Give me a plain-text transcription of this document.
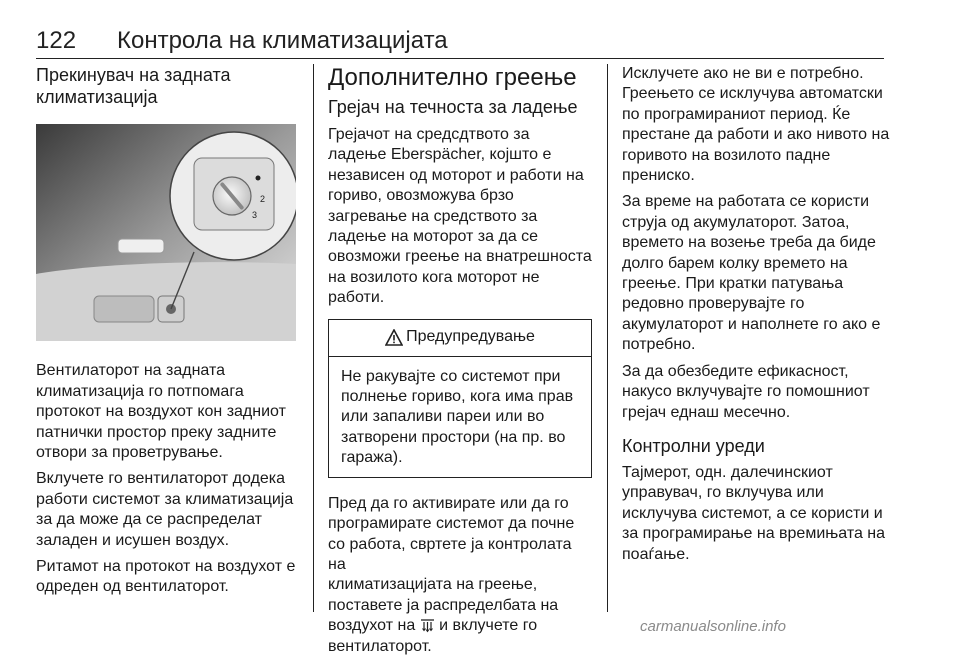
122 Контрола на климатизацијата
Прекинувач на задната
климатизација
2
3

Вентилаторот на задната
климатизација го потпомага
протокот на воздухот кон задниот
патнички простор преку задните
отвори за проветрување.

Вклучете го вентилаторот додека
работи системот за климатизација
за да може да се распределат
заладен и исушен воздух.

Ритамот на протокот на воздухот е
одреден од вентилаторот.

Дополнително греење
Грејач на течноста за ладење

Грејачот на средсдтвото за
ладење Eberspächer, којшто е
независен од моторот и работи на
гориво, овозможува брзо
загревање на средството за
ладење на моторот за да се
овозможи греење на внатрешноста
на возилото кога моторот не
работи.

Предупредување
Не ракувајте со системот при
полнење гориво, кога има прав
или запаливи пареи или во
затворени простори (на пр. во
гаража).

Пред да го активирате или да го
програмирате системот да почне
со работа, свртете ја контролата на
климатизацијата на греење,
поставете ја распределбата на
воздухот на  и вклучете го
вентилаторот.

Исклучете ако не ви е потребно.
Греењето се исклучува автоматски
по програмираниот период. Ќе
престане да работи и ако нивото на
горивото на возилото падне
прениско.

За време на работата се користи
струја од акумулаторот. Затоа,
времето на возење треба да биде
долго барем колку времето на
греење. При кратки патувања
редовно проверувајте го
акумулаторот и наполнете го ако е
потребно.

За да обезбедите ефикасност,
накусо вклучувајте го помошниот
грејач еднаш месечно.

Контролни уреди

Тајмерот, одн. далечинскиот
управувач, го вклучува или
исклучува системот, а се користи и
за програмирање на времињата на
поаѓање.

carmanualsonline.info
